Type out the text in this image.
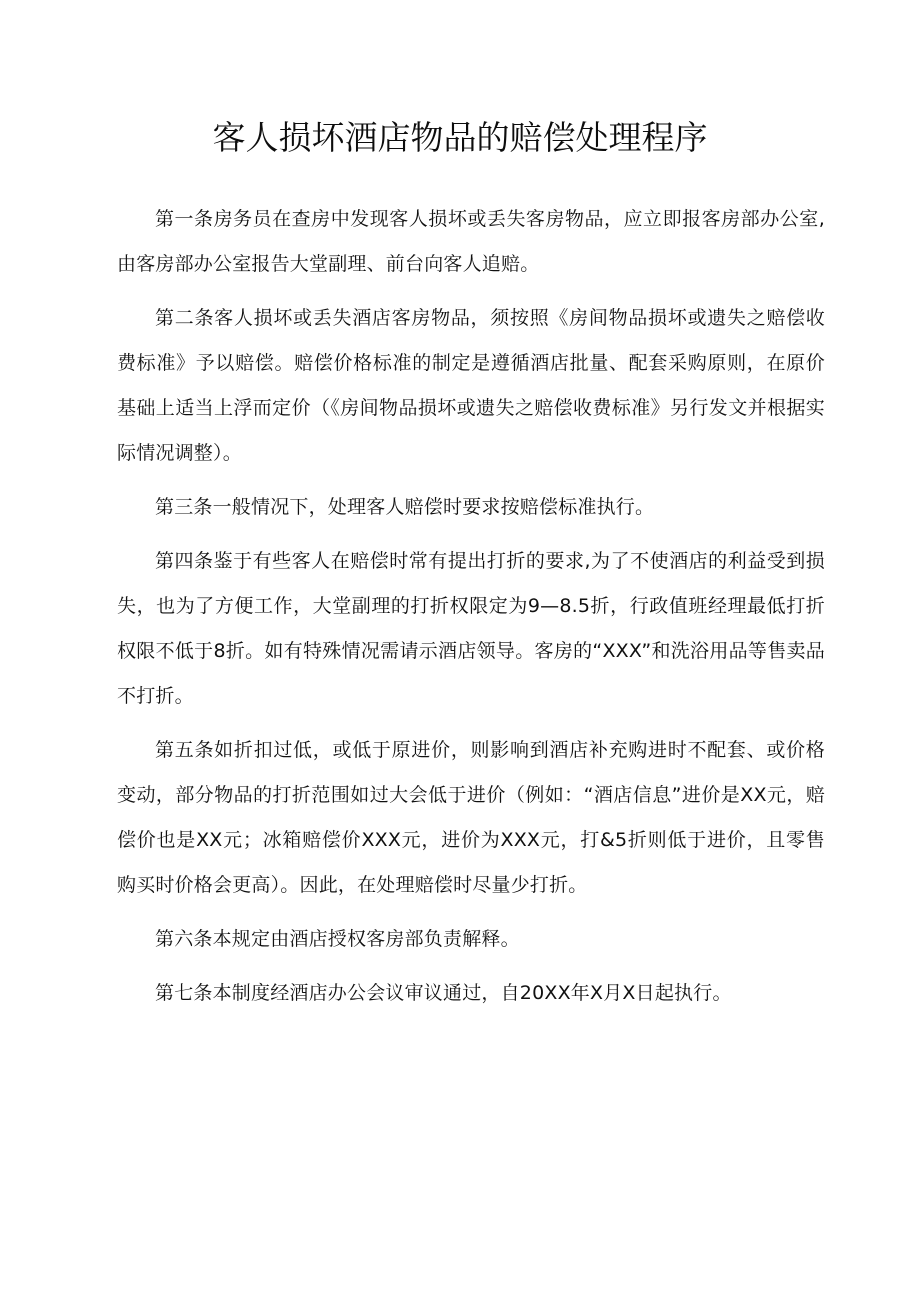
客人损坏酒店物品的赔偿处理程序

第一条房务员在查房中发现客人损坏或丢失客房物品，应立即报客房部办公室,由客房部办公室报告大堂副理、前台向客人追赔。

第二条客人损坏或丢失酒店客房物品，须按照《房间物品损坏或遗失之赔偿收费标准》予以赔偿。赔偿价格标准的制定是遵循酒店批量、配套采购原则，在原价基础上适当上浮而定价（《房间物品损坏或遗失之赔偿收费标准》另行发文并根据实际情况调整）。

第三条一般情况下，处理客人赔偿时要求按赔偿标准执行。

第四条鉴于有些客人在赔偿时常有提出打折的要求,为了不使酒店的利益受到损失，也为了方便工作，大堂副理的打折权限定为9—8.5折，行政值班经理最低打折权限不低于8折。如有特殊情况需请示酒店领导。客房的“XXX”和洗浴用品等售卖品不打折。

第五条如折扣过低，或低于原进价，则影响到酒店补充购进时不配套、或价格变动，部分物品的打折范围如过大会低于进价（例如：“酒店信息”进价是XX元，赔偿价也是XX元；冰箱赔偿价XXX元，进价为XXX元，打&5折则低于进价，且零售购买时价格会更高）。因此，在处理赔偿时尽量少打折。

第六条本规定由酒店授权客房部负责解释。

第七条本制度经酒店办公会议审议通过，自20XX年X月X日起执行。
